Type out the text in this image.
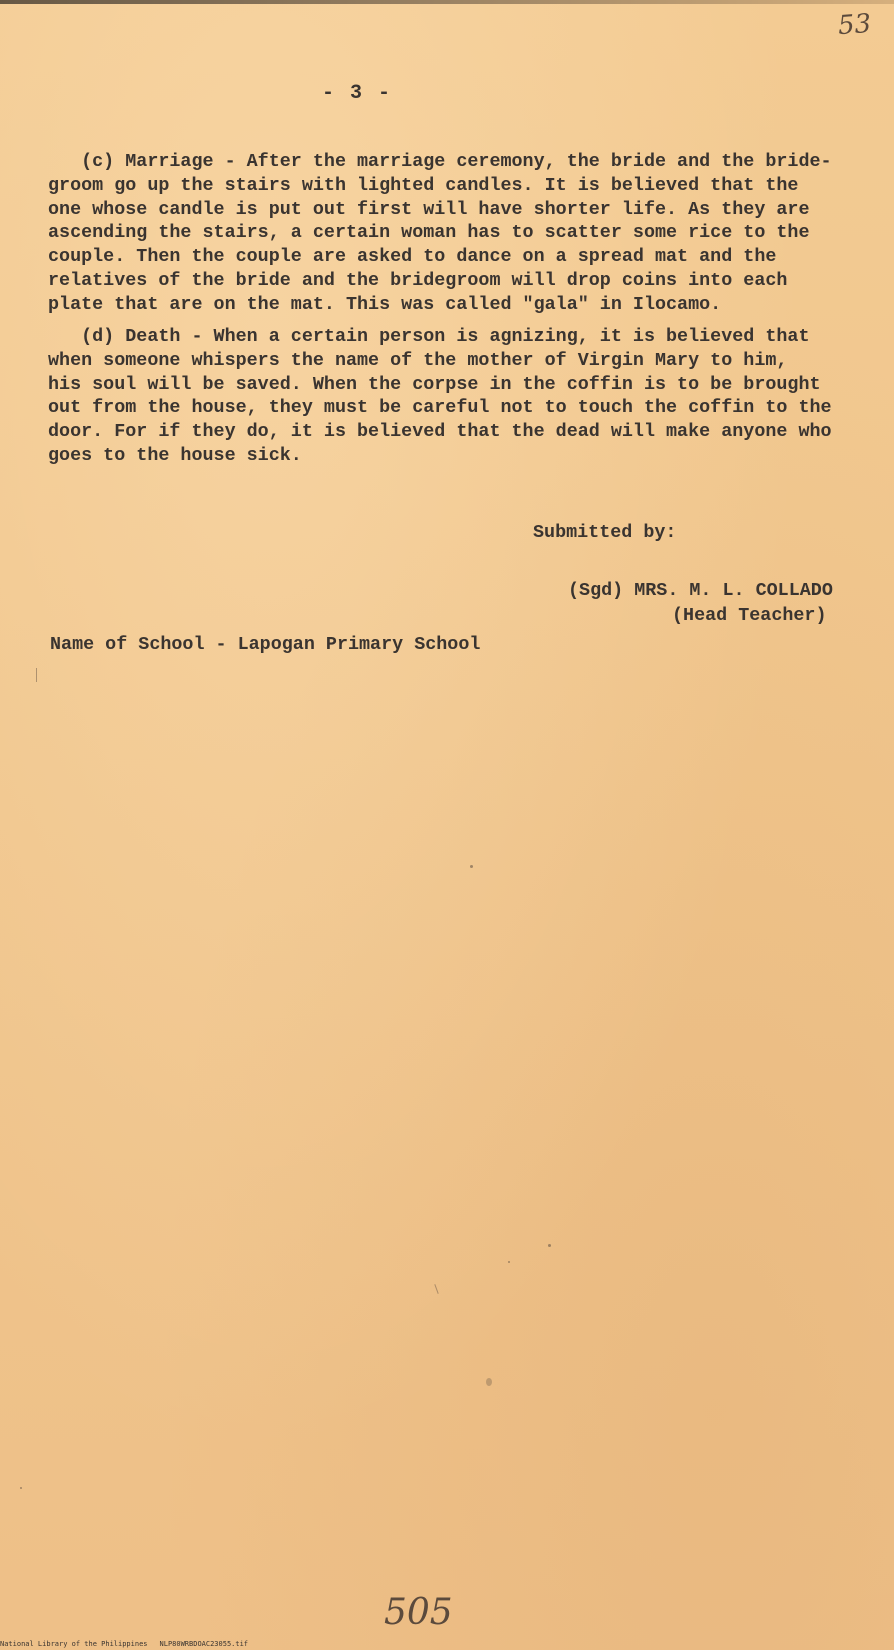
53
- 3 -

(c) Marriage - After the marriage ceremony, the bride and the bride-
groom go up the stairs with lighted candles. It is believed that the
one whose candle is put out first will have shorter life. As they are
ascending the stairs, a certain woman has to scatter some rice to the
couple. Then the couple are asked to dance on a spread mat and the
relatives of the bride and the bridegroom will drop coins into each
plate that are on the mat. This was called "gala" in Ilocamo.

(d) Death - When a certain person is agnizing, it is believed that
when someone whispers the name of the mother of Virgin Mary to him,
his soul will be saved. When the corpse in the coffin is to be brought
out from the house, they must be careful not to touch the coffin to the
door. For if they do, it is believed that the dead will make anyone who
goes to the house sick.

Submitted by:
(Sgd) MRS. M. L. COLLADO
(Head Teacher)
Name of School - Lapogan Primary School
505
National Library of the Philippines NLP80WRBDOAC23055.tif
